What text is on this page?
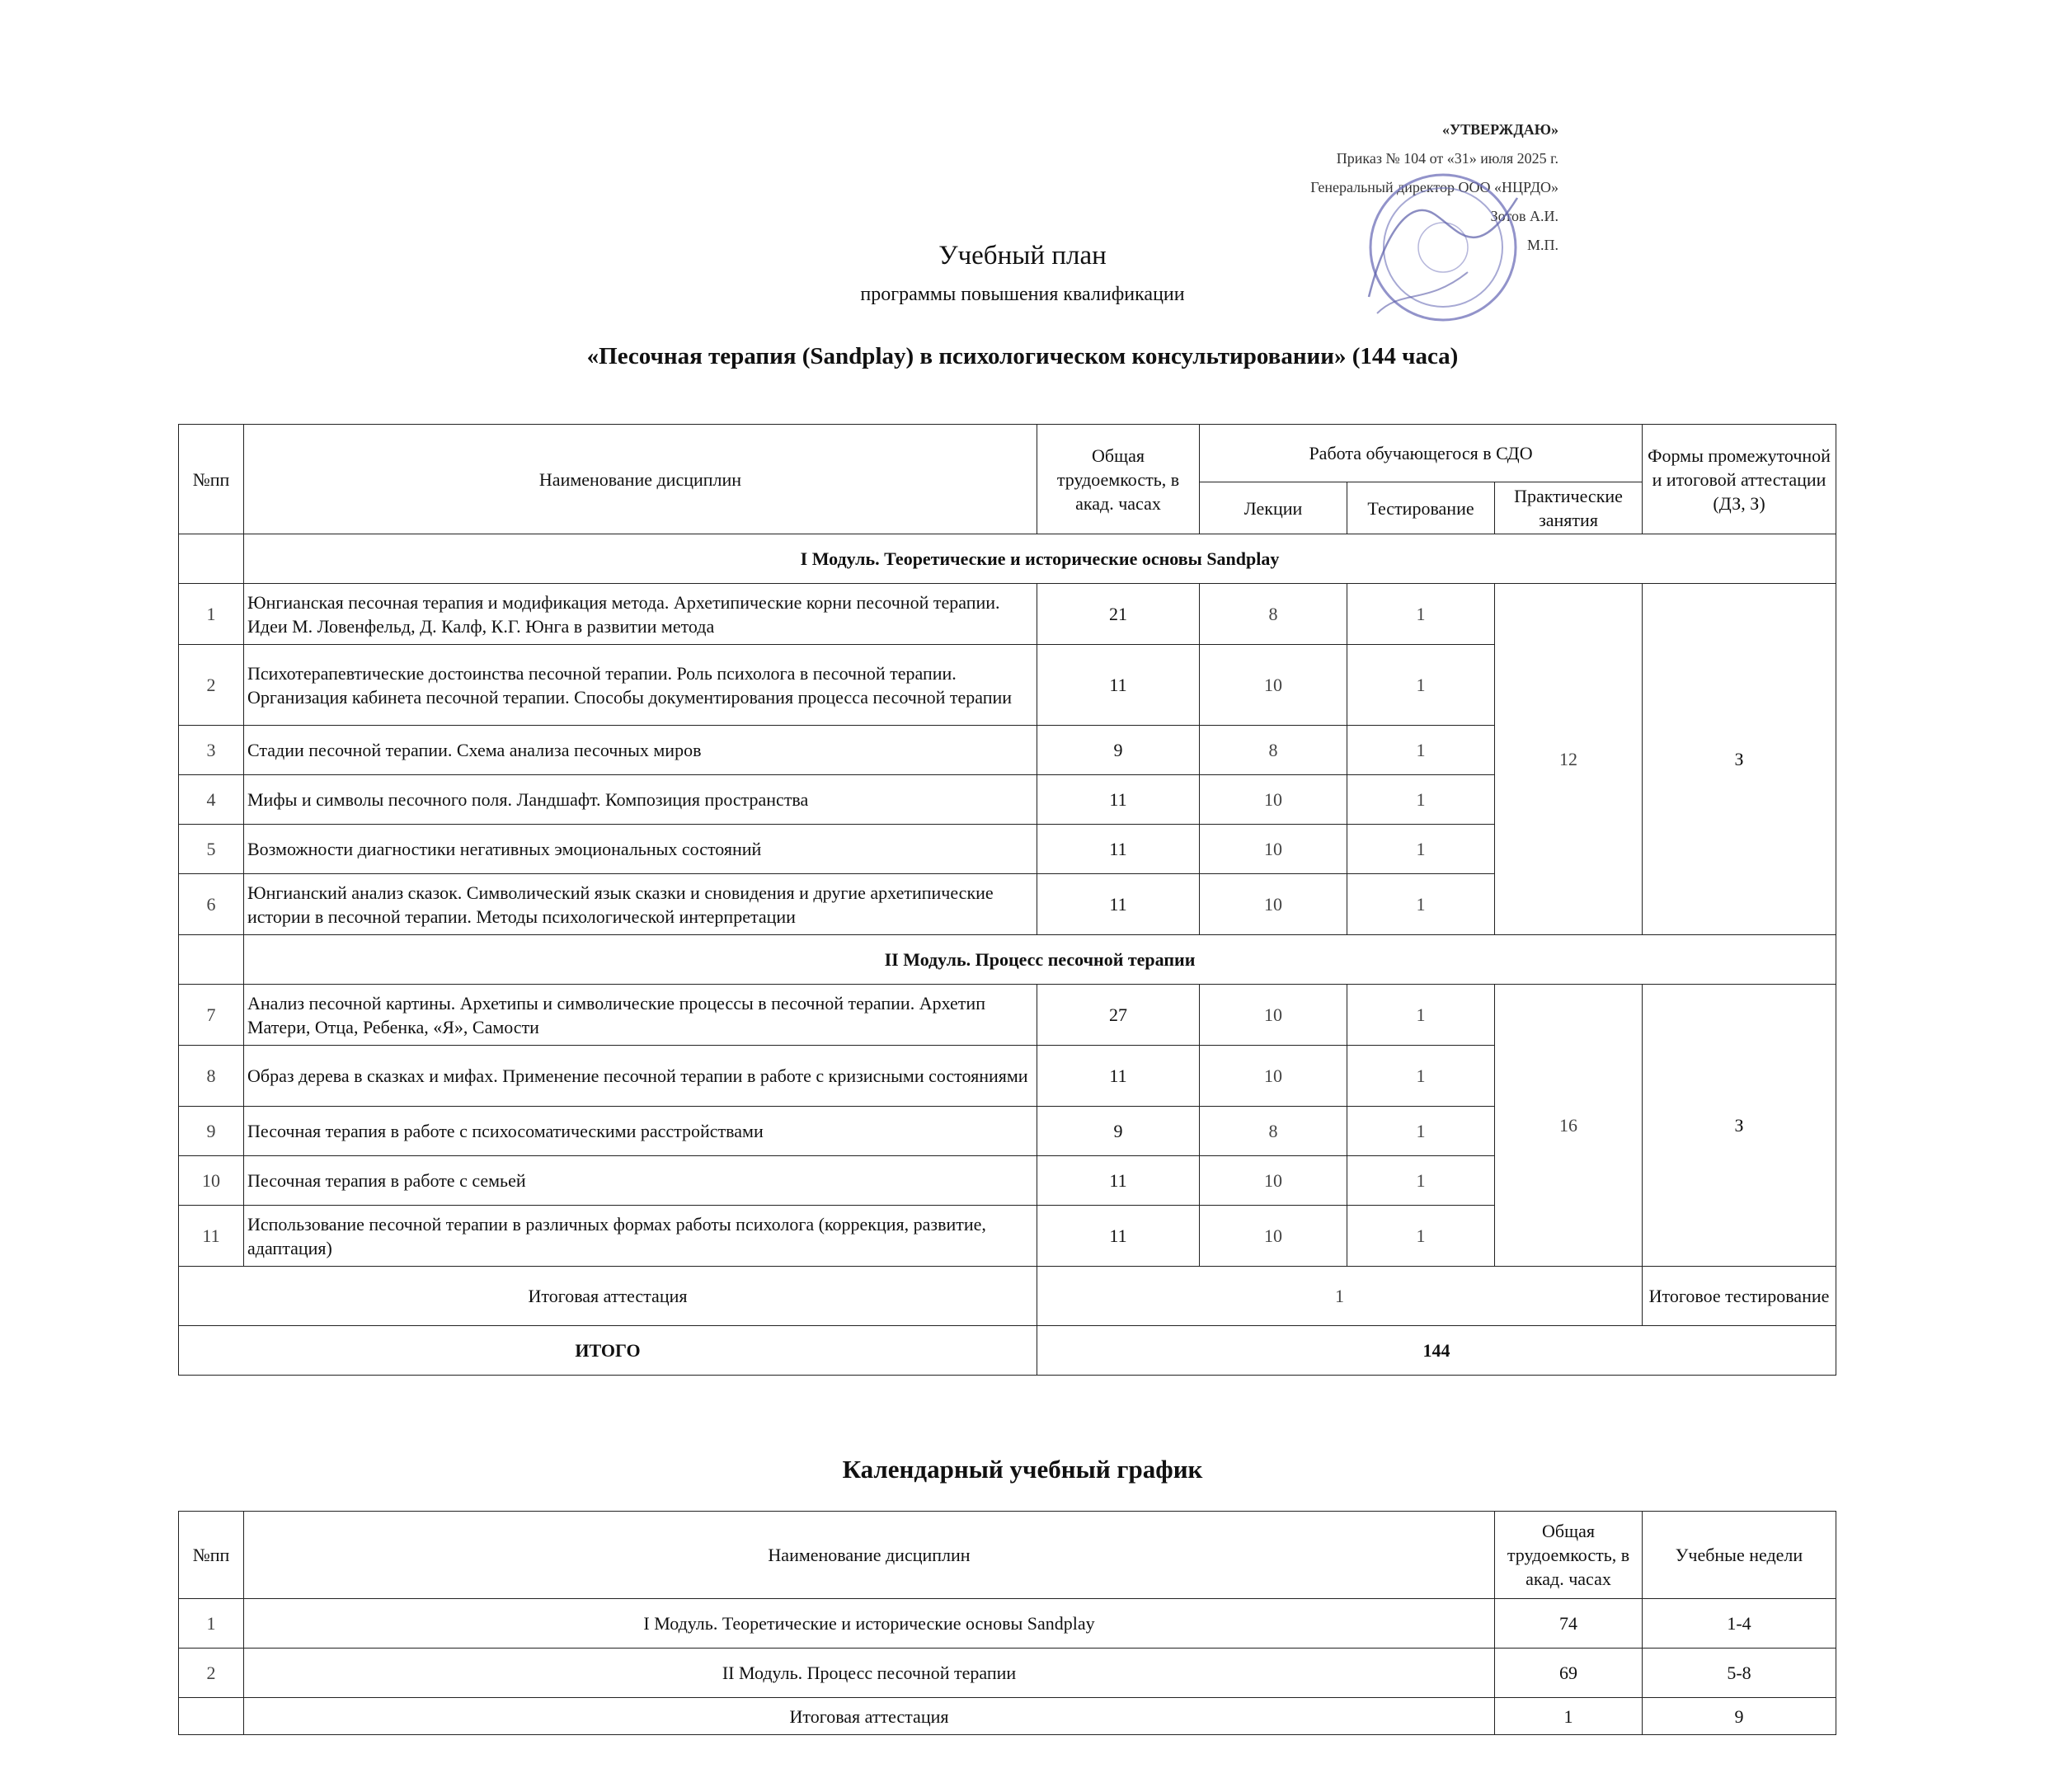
«УТВЕРЖДАЮ»
Приказ № 104 от «31» июля 2025 г.
Генеральный директор ООО «НЦРДО»
Зотов А.И.
М.П.
Учебный план
программы повышения квалификации
«Песочная терапия (Sandplay) в психологическом консультировании» (144 часа)
№пп	Наименование дисциплин	Общая трудоемкость, в акад. часах	Работа обучающегося в СДО			Формы промежуточной и итоговой аттестации (ДЗ, З)
			Лекции	Тестирование	Практические занятия	
	I Модуль. Теоретические и исторические основы Sandplay					
1	Юнгианская песочная терапия и модификация метода. Архетипические корни песочной терапии. Идеи М. Ловенфельд, Д. Калф, К.Г. Юнга в развитии метода	21	8	1	12	З
2	Психотерапевтические достоинства песочной терапии. Роль психолога в песочной терапии. Организация кабинета песочной терапии. Способы документирования процесса песочной терапии	11	10	1		
3	Стадии песочной терапии. Схема анализа песочных миров	9	8	1		
4	Мифы и символы песочного поля. Ландшафт. Композиция пространства	11	10	1		
5	Возможности диагностики негативных эмоциональных состояний	11	10	1		
6	Юнгианский анализ сказок. Символический язык сказки и сновидения и другие архетипические истории в песочной терапии. Методы психологической интерпретации	11	10	1		
	II Модуль. Процесс песочной терапии					
7	Анализ песочной картины. Архетипы и символические процессы в песочной терапии. Архетип Матери, Отца, Ребенка, «Я», Самости	27	10	1	16	З
8	Образ дерева в сказках и мифах. Применение песочной терапии в работе с кризисными состояниями	11	10	1		
9	Песочная терапия в работе с психосоматическими расстройствами	9	8	1		
10	Песочная терапия в работе с семьей	11	10	1		
11	Использование песочной терапии в различных формах работы психолога (коррекция, развитие, адаптация)	11	10	1		
Итоговая аттестация		1				Итоговое тестирование
ИТОГО		144				
Календарный учебный график
№пп	Наименование дисциплин	Общая трудоемкость, в акад. часах	Учебные недели
1	I Модуль. Теоретические и исторические основы Sandplay	74	1-4
2	II Модуль. Процесс песочной терапии	69	5-8
	Итоговая аттестация	1	9
